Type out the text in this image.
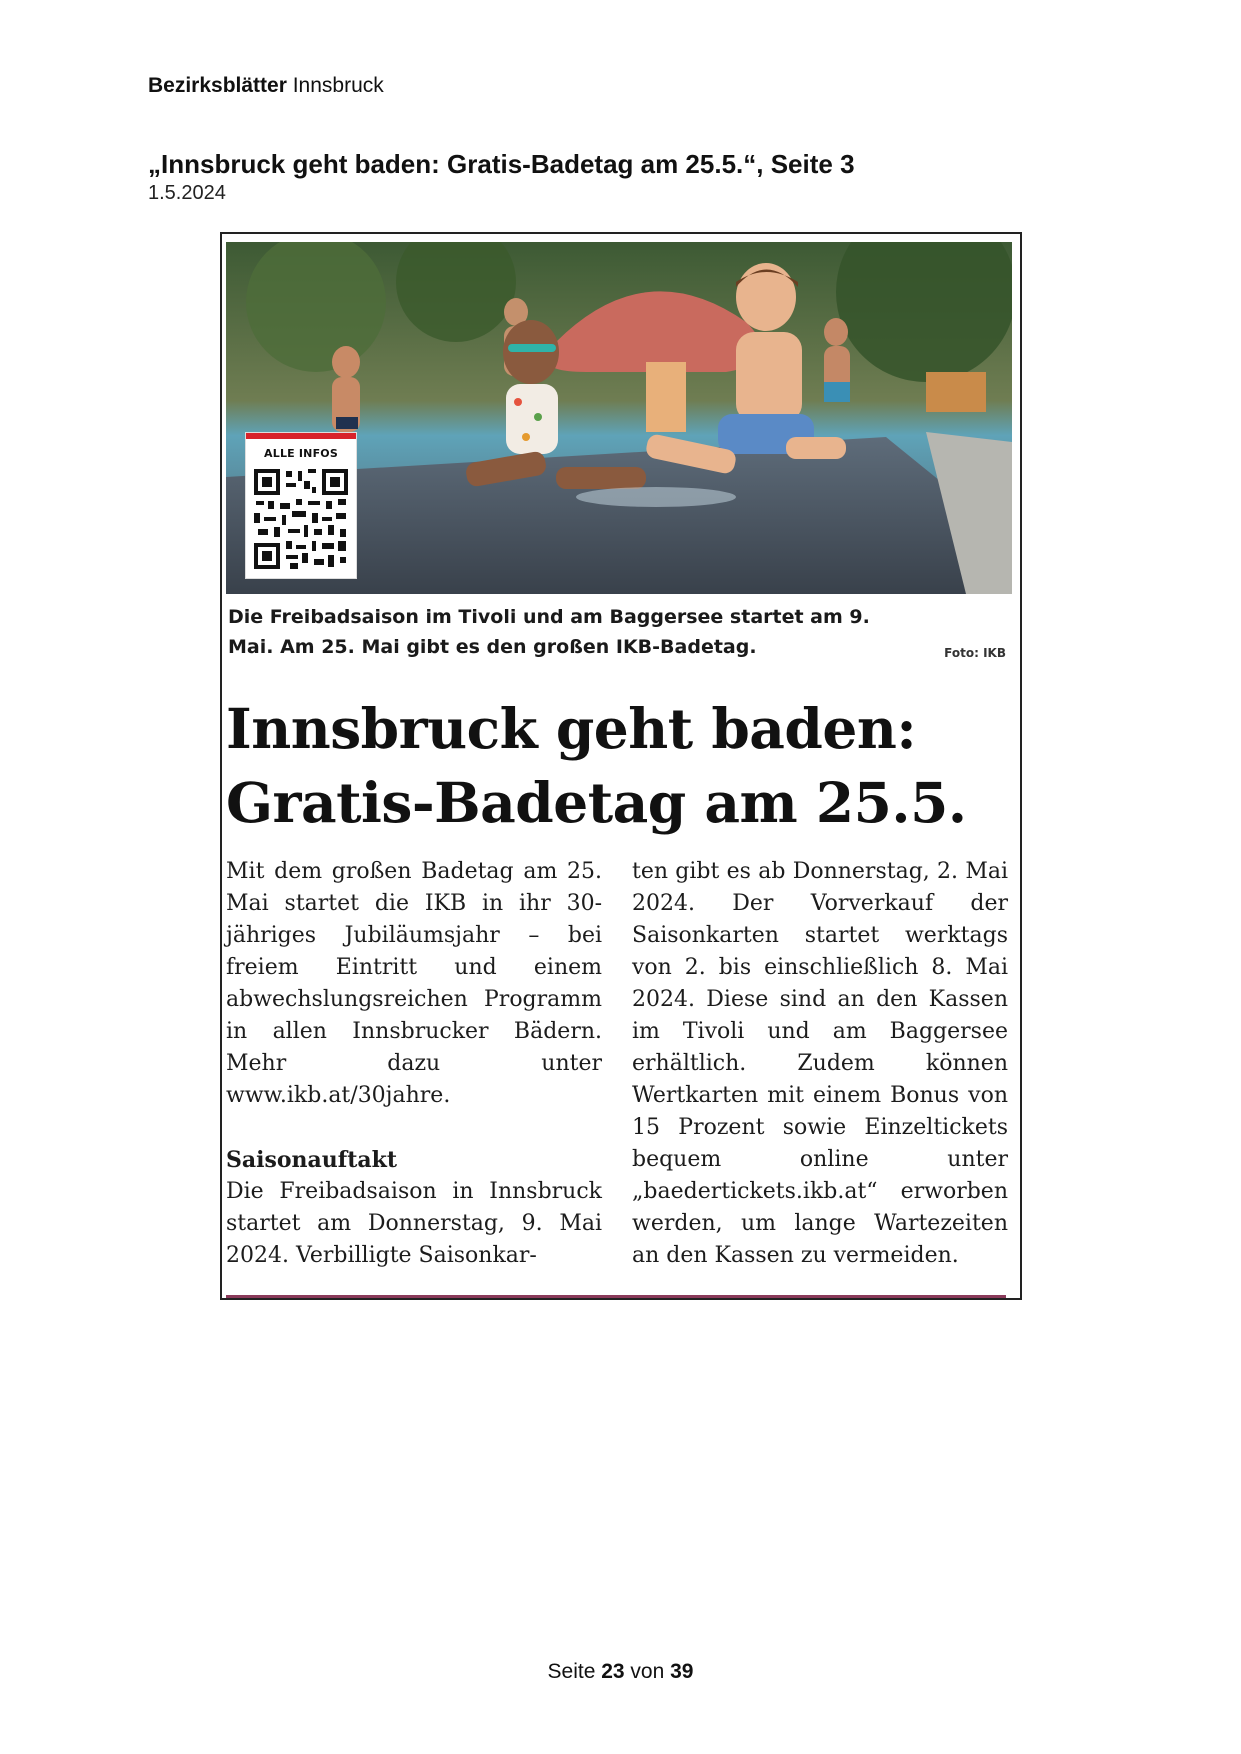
Bezirksblätter Innsbruck
„Innsbruck geht baden: Gratis-Badetag am 25.5.“, Seite 3
1.5.2024
ALLE INFOS
Die Freibadsaison im Tivoli und am Baggersee startet am 9. Mai. Am 25. Mai gibt es den großen IKB-Badetag.	Foto: IKB
Innsbruck geht baden:
Gratis-Badetag am 25.5.

Mit dem großen Badetag am 25. Mai startet die IKB in ihr 30-jähriges Jubiläumsjahr – bei freiem Eintritt und einem abwechslungsreichen Programm in allen Innsbrucker Bädern. Mehr dazu unter www.ikb.at/30jahre.

Saisonauftakt

Die Freibadsaison in Innsbruck startet am Donnerstag, 9. Mai 2024. Verbilligte Saisonkar-

ten gibt es ab Donnerstag, 2. Mai 2024. Der Vorverkauf der Saisonkarten startet werktags von 2. bis einschließlich 8. Mai 2024. Diese sind an den Kassen im Tivoli und am Baggersee erhältlich. Zudem können Wertkarten mit einem Bonus von 15 Prozent sowie Einzeltickets bequem online unter „baedertickets.ikb.at“ erworben werden, um lange Wartezeiten an den Kassen zu vermeiden.

Seite 23 von 39
